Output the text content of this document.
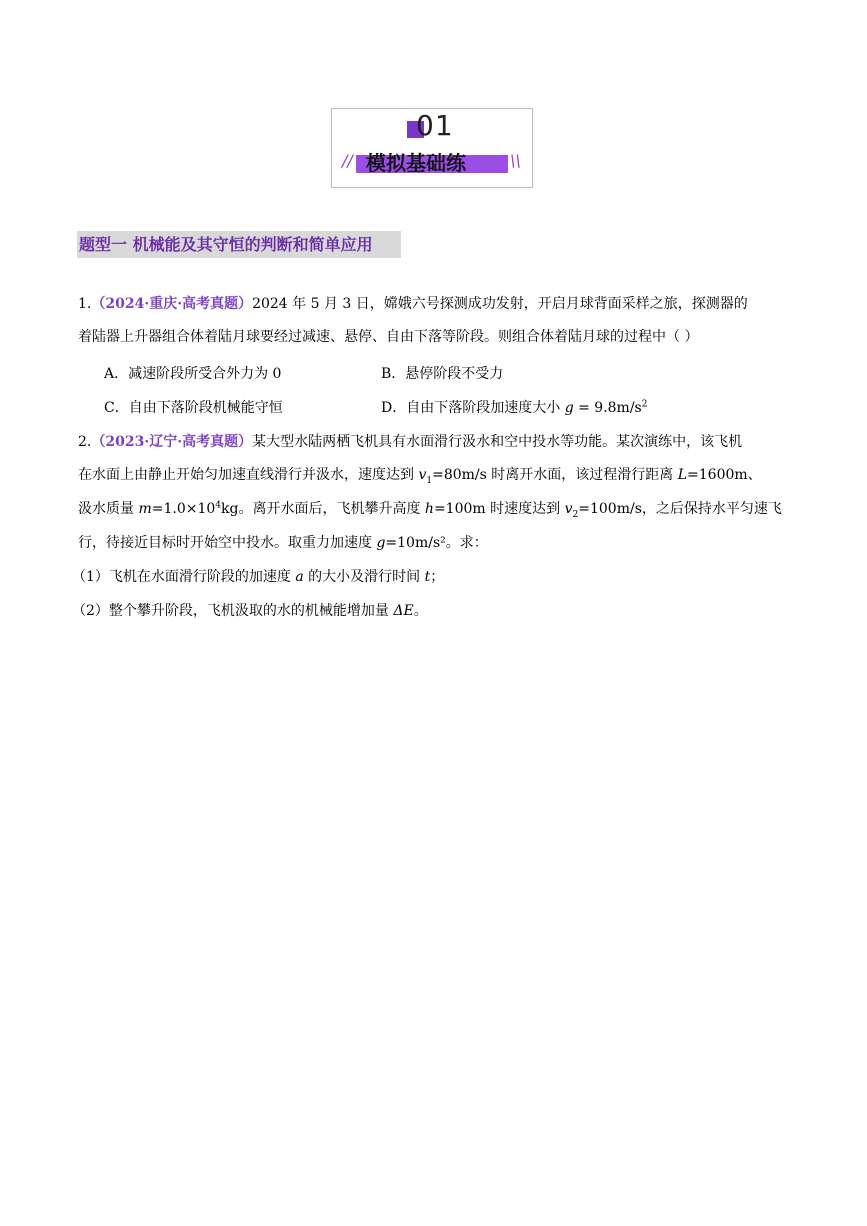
01
// 模拟基础练	\\
题型一 机械能及其守恒的判断和简单应用
1.（2024·重庆·高考真题）2024 年 5 月 3 日，嫦娥六号探测成功发射，开启月球背面采样之旅，探测器的
着陆器上升器组合体着陆月球要经过减速、悬停、自由下落等阶段。则组合体着陆月球的过程中（ ）
A．减速阶段所受合外力为 0	B．悬停阶段不受力
C．自由下落阶段机械能守恒	D．自由下落阶段加速度大小 $g = 9.8m/s^2$
2.（2023·辽宁·高考真题）某大型水陆两栖飞机具有水面滑行汲水和空中投水等功能。某次演练中，该飞机
在水面上由静止开始匀加速直线滑行并汲水，速度达到 $v_1=80m/s$ 时离开水面，该过程滑行距离 L=1600m、
汲水质量 $m=1.0\times 10^4kg$。离开水面后，飞机攀升高度 h=100m 时速度达到 $v_2=100m/s$，之后保持水平匀速飞
行，待接近目标时开始空中投水。取重力加速度 g=10m/s²。求：
（1）飞机在水面滑行阶段的加速度 a 的大小及滑行时间 t；
（2）整个攀升阶段，飞机汲取的水的机械能增加量 ΔE。
